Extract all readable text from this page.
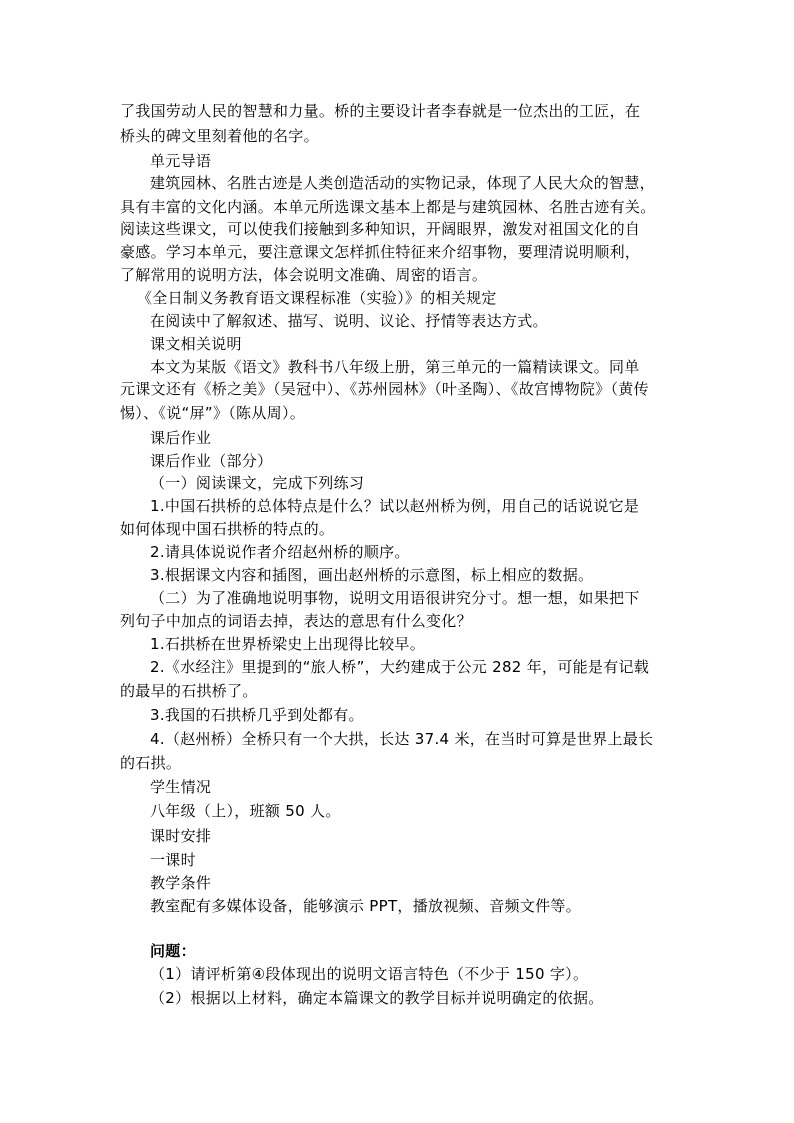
了我国劳动人民的智慧和力量。桥的主要设计者李春就是一位杰出的工匠，在
桥头的碑文里刻着他的名字。
单元导语
建筑园林、名胜古迹是人类创造活动的实物记录，体现了人民大众的智慧，
具有丰富的文化内涵。本单元所选课文基本上都是与建筑园林、名胜古迹有关。
阅读这些课文，可以使我们接触到多种知识，开阔眼界，激发对祖国文化的自
豪感。学习本单元，要注意课文怎样抓住特征来介绍事物，要理清说明顺利，
了解常用的说明方法，体会说明文准确、周密的语言。
《全日制义务教育语文课程标准（实验）》的相关规定
在阅读中了解叙述、描写、说明、议论、抒情等表达方式。
课文相关说明
本文为某版《语文》教科书八年级上册，第三单元的一篇精读课文。同单
元课文还有《桥之美》（吴冠中）、《苏州园林》（叶圣陶）、《故宫博物院》（黄传
惕）、《说“屏”》（陈从周）。
课后作业
课后作业（部分）
（一）阅读课文，完成下列练习
1.中国石拱桥的总体特点是什么？试以赵州桥为例，用自己的话说说它是
如何体现中国石拱桥的特点的。
2.请具体说说作者介绍赵州桥的顺序。
3.根据课文内容和插图，画出赵州桥的示意图，标上相应的数据。
（二）为了准确地说明事物，说明文用语很讲究分寸。想一想，如果把下
列句子中加点的词语去掉，表达的意思有什么变化？
1.石拱桥在世界桥梁史上出现得比较早。
2.《水经注》里提到的“旅人桥”，大约建成于公元 282 年，可能是有记载
的最早的石拱桥了。
3.我国的石拱桥几乎到处都有。
4.（赵州桥）全桥只有一个大拱，长达 37.4 米，在当时可算是世界上最长
的石拱。
学生情况
八年级（上），班额 50 人。
课时安排
一课时
教学条件
教室配有多媒体设备，能够演示 PPT，播放视频、音频文件等。
问题：
（1）请评析第④段体现出的说明文语言特色（不少于 150 字）。
（2）根据以上材料，确定本篇课文的教学目标并说明确定的依据。
